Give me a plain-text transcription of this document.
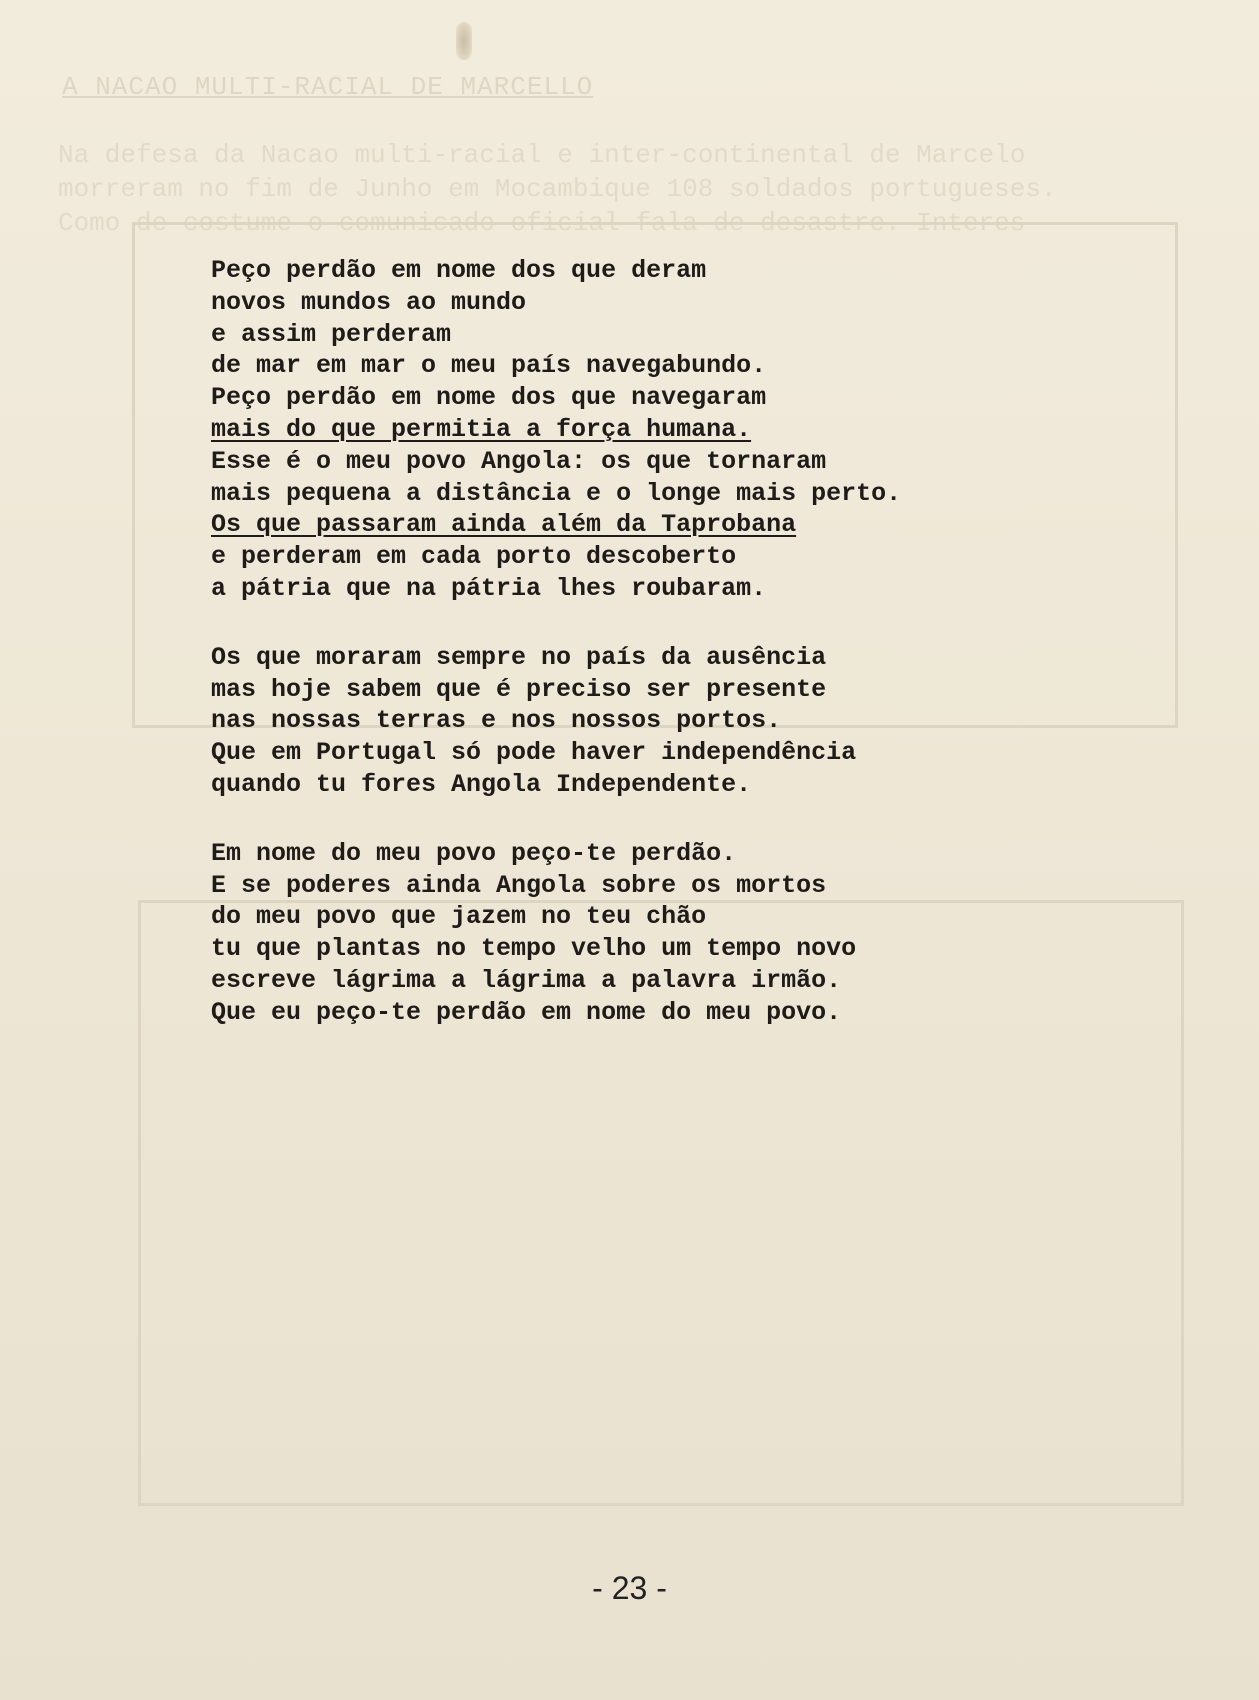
A NACAO MULTI-RACIAL DE MARCELLO
Na defesa da Nacao multi-racial e inter-continental de Marcelo
morreram no fim de Junho em Mocambique 108 soldados portugueses.
Como de costume o comunicado oficial fala de desastre. Interes-
Peço perdão em nome dos que deram
novos mundos ao mundo
e assim perderam
de mar em mar o meu país navegabundo.
Peço perdão em nome dos que navegaram
mais do que permitia a força humana.
Esse é o meu povo Angola: os que tornaram
mais pequena a distância e o longe mais perto.
Os que passaram ainda além da Taprobana
e perderam em cada porto descoberto
a pátria que na pátria lhes roubaram.
Os que moraram sempre no país da ausência
mas hoje sabem que é preciso ser presente
nas nossas terras e nos nossos portos.
Que em Portugal só pode haver independência
quando tu fores Angola Independente.
Em nome do meu povo peço-te perdão.
E se poderes ainda Angola sobre os mortos
do meu povo que jazem no teu chão
tu que plantas no tempo velho um tempo novo
escreve lágrima a lágrima a palavra irmão.
Que eu peço-te perdão em nome do meu povo.
- 23 -
